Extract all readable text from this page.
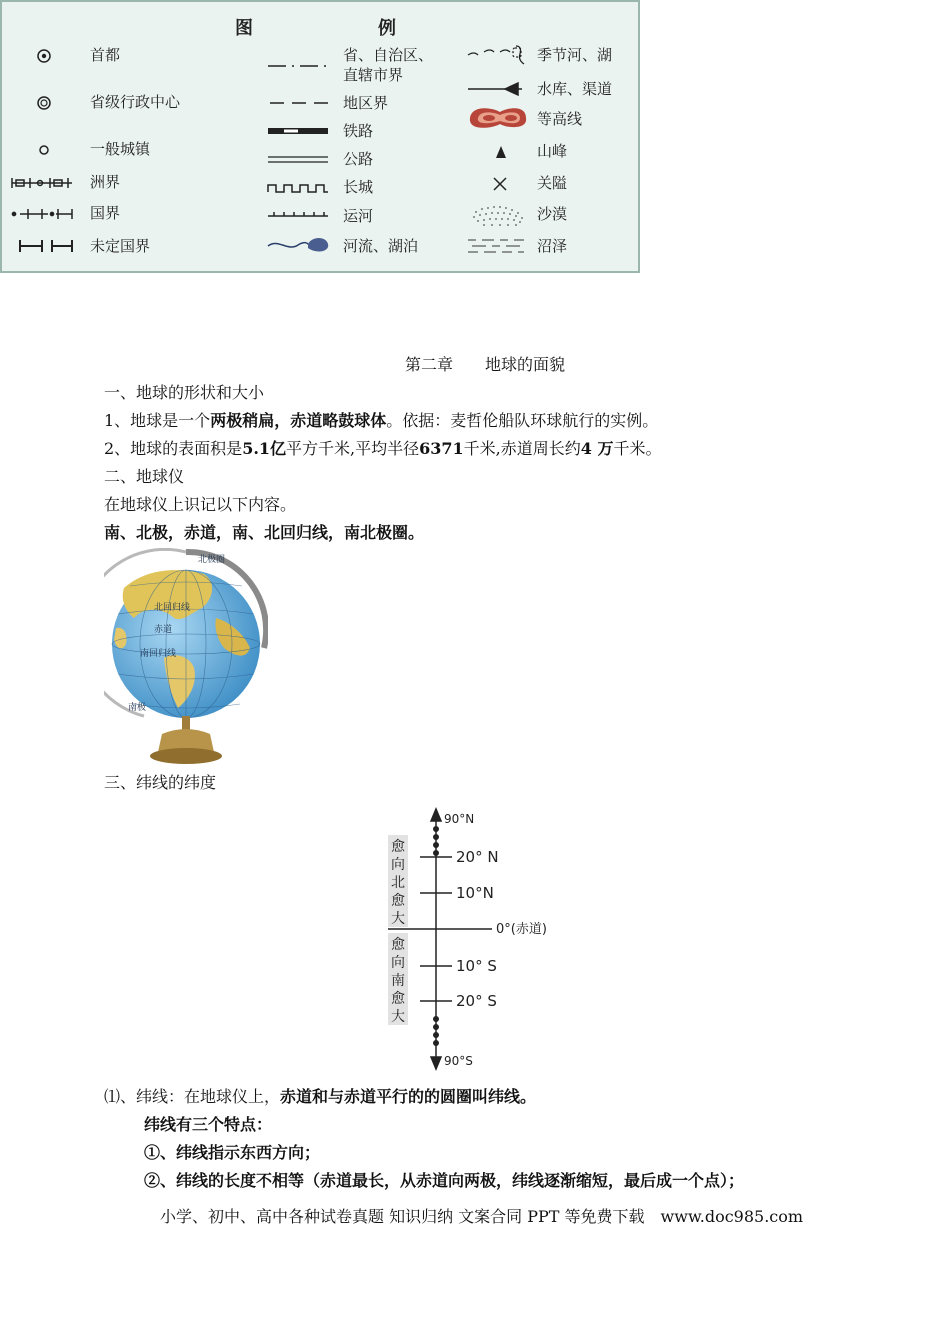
图	例
首都
省级行政中心
一般城镇
洲界
国界
未定国界
省、自治区、
直辖市界
地区界
铁路
公路
长城
运河
河流、湖泊
季节河、湖
水库、渠道
等高线
山峰
关隘
沙漠
沼泽
第二章　　地球的面貌
一、地球的形状和大小
1、地球是一个两极稍扁，赤道略鼓球体。依据：麦哲伦船队环球航行的实例。
2、地球的表面积是5.1亿平方千米,平均半径6371千米,赤道周长约4 万千米。
二、地球仪
在地球仪上识记以下内容。
南、北极，赤道，南、北回归线，南北极圈。
北极圈
北回归线
赤道
南回归线
南极
三、纬线的纬度
愈
向
北
愈
大
愈
向
南
愈
大
90°N
20° N
10°N
0°(赤道)
10° S
20° S
90°S
⑴、纬线：在地球仪上，赤道和与赤道平行的的圆圈叫纬线。
纬线有三个特点：
①、纬线指示东西方向；
②、纬线的长度不相等（赤道最长，从赤道向两极，纬线逐渐缩短，最后成一个点）；
小学、初中、高中各种试卷真题 知识归纳 文案合同 PPT 等免费下载　www.doc985.com
